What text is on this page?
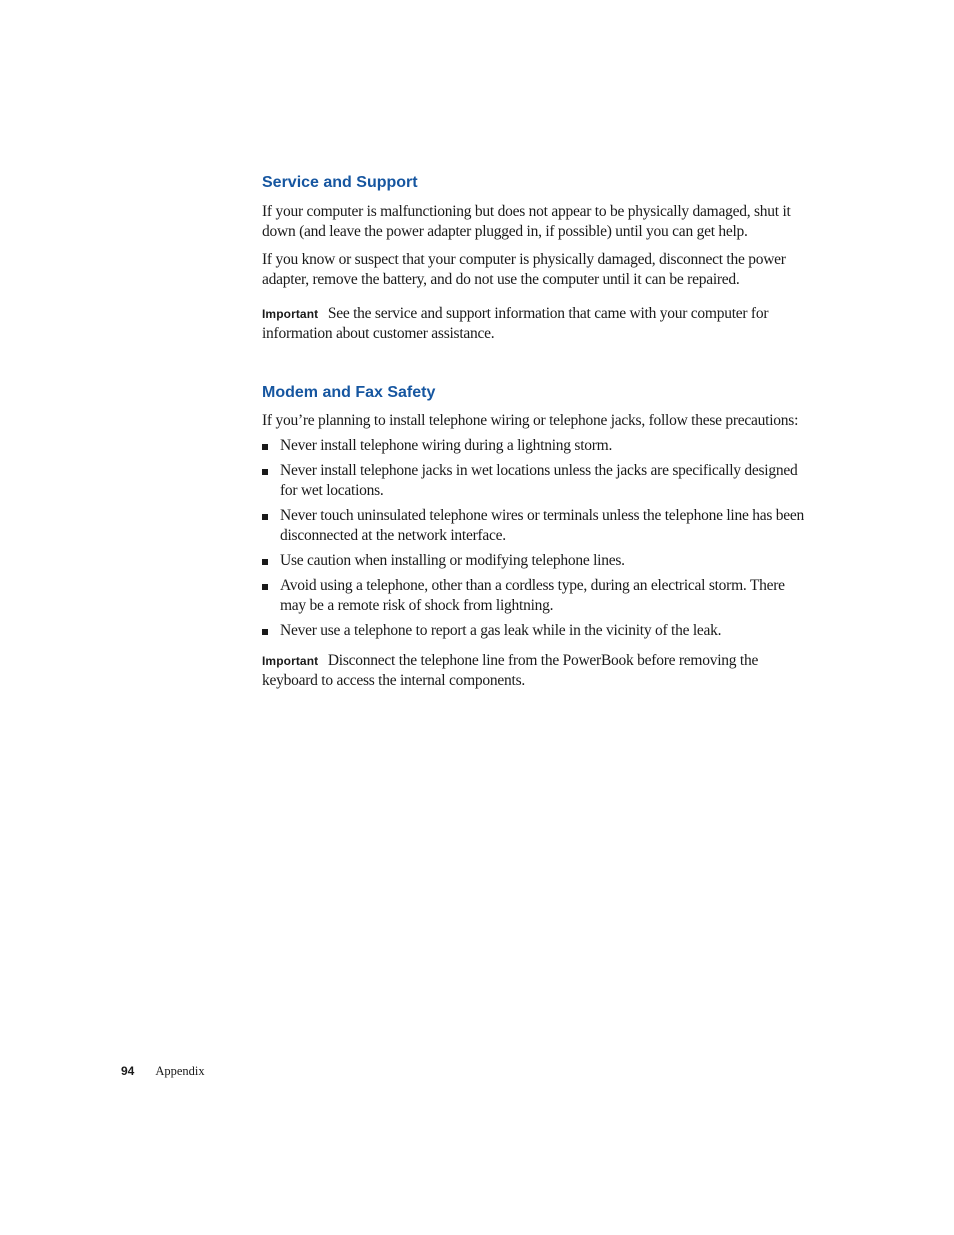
Service and Support

If your computer is malfunctioning but does not appear to be physically damaged, shut it down (and leave the power adapter plugged in, if possible) until you can get help.

If you know or suspect that your computer is physically damaged, disconnect the power adapter, remove the battery, and do not use the computer until it can be repaired.

Important See the service and support information that came with your computer for information about customer assistance.

Modem and Fax Safety

If you’re planning to install telephone wiring or telephone jacks, follow these precautions:

Never install telephone wiring during a lightning storm.
Never install telephone jacks in wet locations unless the jacks are specifically designed for wet locations.
Never touch uninsulated telephone wires or terminals unless the telephone line has been disconnected at the network interface.
Use caution when installing or modifying telephone lines.
Avoid using a telephone, other than a cordless type, during an electrical storm. There may be a remote risk of shock from lightning.
Never use a telephone to report a gas leak while in the vicinity of the leak.

Important Disconnect the telephone line from the PowerBook before removing the keyboard to access the internal components.

94 Appendix
